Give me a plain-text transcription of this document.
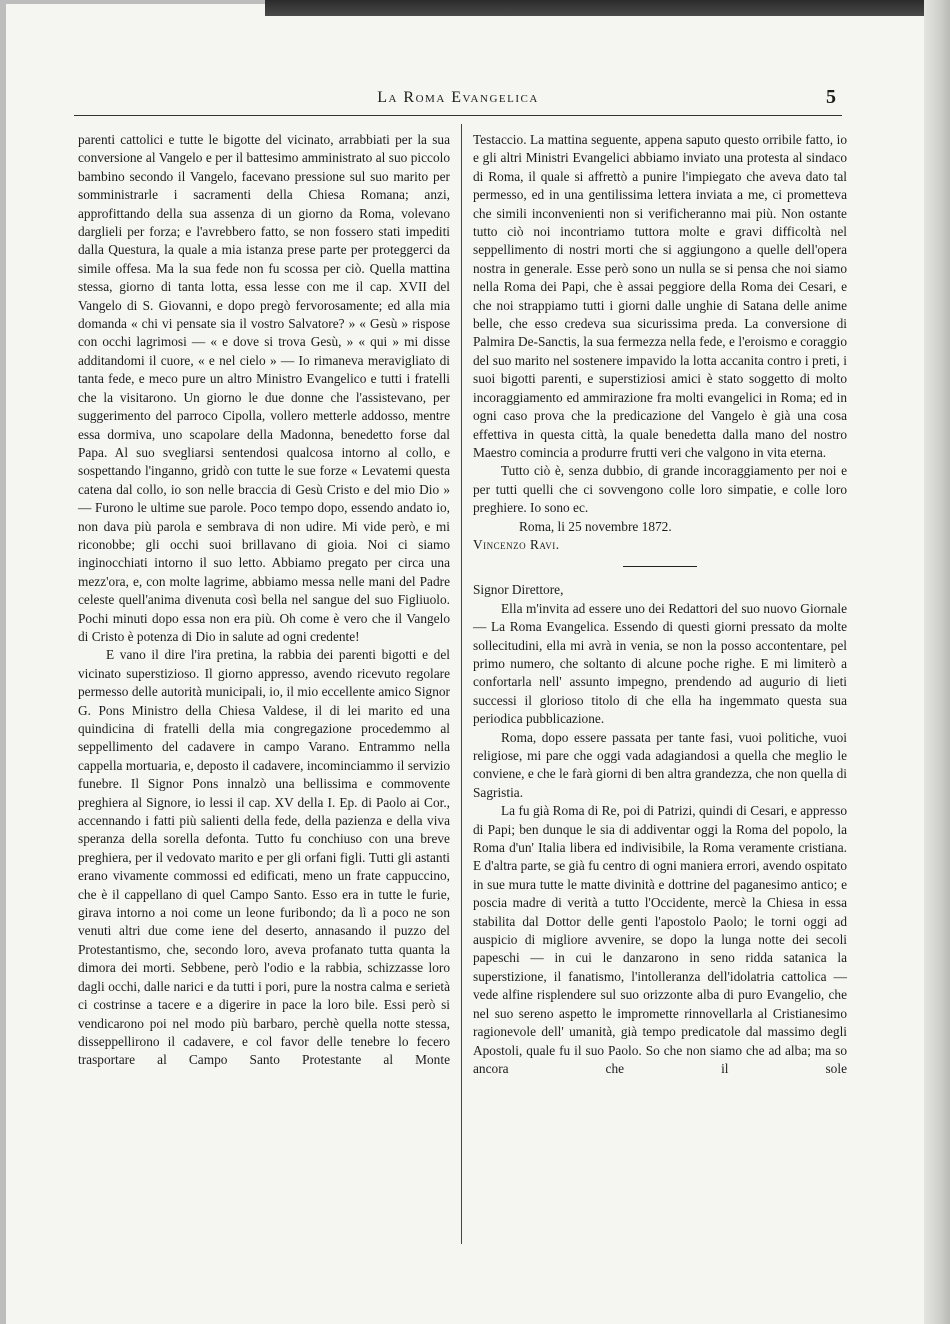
La Roma Evangelica	5

parenti cattolici e tutte le bigotte del vicinato, arrabbiati per la sua conversione al Vangelo e per il battesimo amministrato al suo piccolo bambino secondo il Vangelo, facevano pressione sul suo marito per somministrarle i sacramenti della Chiesa Romana; anzi, approfittando della sua assenza di un giorno da Roma, volevano darglieli per forza; e l'avrebbero fatto, se non fossero stati impediti dalla Questura, la quale a mia istanza prese parte per proteggerci da simile offesa. Ma la sua fede non fu scossa per ciò. Quella mattina stessa, giorno di tanta lotta, essa lesse con me il cap. XVII del Vangelo di S. Giovanni, e dopo pregò fervorosamente; ed alla mia domanda « chi vi pensate sia il vostro Salvatore? » « Gesù » rispose con occhi lagrimosi — « e dove si trova Gesù, » « qui » mi disse additandomi il cuore, « e nel cielo » — Io rimaneva meravigliato di tanta fede, e meco pure un altro Ministro Evangelico e tutti i fratelli che la visitarono. Un giorno le due donne che l'assistevano, per suggerimento del parroco Cipolla, vollero metterle addosso, mentre essa dormiva, uno scapolare della Madonna, benedetto forse dal Papa. Al suo svegliarsi sentendosi qualcosa intorno al collo, e sospettando l'inganno, gridò con tutte le sue forze « Levatemi questa catena dal collo, io son nelle braccia di Gesù Cristo e del mio Dio » — Furono le ultime sue parole. Poco tempo dopo, essendo andato io, non dava più parola e sembrava di non udire. Mi vide però, e mi riconobbe; gli occhi suoi brillavano di gioia. Noi ci siamo inginocchiati intorno il suo letto. Abbiamo pregato per circa una mezz'ora, e, con molte lagrime, abbiamo messa nelle mani del Padre celeste quell'anima divenuta così bella nel sangue del suo Figliuolo. Pochi minuti dopo essa non era più. Oh come è vero che il Vangelo di Cristo è potenza di Dio in salute ad ogni credente!

E vano il dire l'ira pretina, la rabbia dei parenti bigotti e del vicinato superstizioso. Il giorno appresso, avendo ricevuto regolare permesso delle autorità municipali, io, il mio eccellente amico Signor G. Pons Ministro della Chiesa Valdese, il di lei marito ed una quindicina di fratelli della mia congregazione procedemmo al seppellimento del cadavere in campo Varano. Entrammo nella cappella mortuaria, e, deposto il cadavere, incominciammo il servizio funebre. Il Signor Pons innalzò una bellissima e commovente preghiera al Signore, io lessi il cap. XV della I. Ep. di Paolo ai Cor., accennando i fatti più salienti della fede, della pazienza e della viva speranza della sorella defonta. Tutto fu conchiuso con una breve preghiera, per il vedovato marito e per gli orfani figli. Tutti gli astanti erano vivamente commossi ed edificati, meno un frate cappuccino, che è il cappellano di quel Campo Santo. Esso era in tutte le furie, girava intorno a noi come un leone furibondo; da lì a poco ne son venuti altri due come iene del deserto, annasando il puzzo del Protestantismo, che, secondo loro, aveva profanato tutta quanta la dimora dei morti. Sebbene, però l'odio e la rabbia, schizzasse loro dagli occhi, dalle narici e da tutti i pori, pure la nostra calma e serietà ci costrinse a tacere e a digerire in pace la loro bile. Essi però si vendicarono poi nel modo più barbaro, perchè quella notte stessa, disseppellirono il cadavere, e col favor delle tenebre lo fecero trasportare al Campo Santo Protestante al Monte

Testaccio. La mattina seguente, appena saputo questo orribile fatto, io e gli altri Ministri Evangelici abbiamo inviato una protesta al sindaco di Roma, il quale si affrettò a punire l'impiegato che aveva dato tal permesso, ed in una gentilissima lettera inviata a me, ci prometteva che simili inconvenienti non si verificheranno mai più. Non ostante tutto ciò noi incontriamo tuttora molte e gravi difficoltà nel seppellimento di nostri morti che si aggiungono a quelle dell'opera nostra in generale. Esse però sono un nulla se si pensa che noi siamo nella Roma dei Papi, che è assai peggiore della Roma dei Cesari, e che noi strappiamo tutti i giorni dalle unghie di Satana delle anime belle, che esso credeva sua sicurissima preda. La conversione di Palmira De-Sanctis, la sua fermezza nella fede, e l'eroismo e coraggio del suo marito nel sostenere impavido la lotta accanita contro i preti, i suoi bigotti parenti, e superstiziosi amici è stato soggetto di molto incoraggiamento ed ammirazione fra molti evangelici in Roma; ed in ogni caso prova che la predicazione del Vangelo è già una cosa effettiva in questa città, la quale benedetta dalla mano del nostro Maestro comincia a produrre frutti veri che valgono in vita eterna.

Tutto ciò è, senza dubbio, di grande incoraggiamento per noi e per tutti quelli che ci sovvengono colle loro simpatie, e colle loro preghiere. Io sono ec.

Roma, li 25 novembre 1872.

Vincenzo Ravi.

Signor Direttore,

Ella m'invita ad essere uno dei Redattori del suo nuovo Giornale — La Roma Evangelica. Essendo di questi giorni pressato da molte sollecitudini, ella mi avrà in venia, se non la posso accontentare, pel primo numero, che soltanto di alcune poche righe. E mi limiterò a confortarla nell' assunto impegno, prendendo ad augurio di lieti successi il glorioso titolo di che ella ha ingemmato questa sua periodica pubblicazione.

Roma, dopo essere passata per tante fasi, vuoi politiche, vuoi religiose, mi pare che oggi vada adagiandosi a quella che meglio le conviene, e che le farà giorni di ben altra grandezza, che non quella di Sagristia.

La fu già Roma di Re, poi di Patrizi, quindi di Cesari, e appresso di Papi; ben dunque le sia di addiventar oggi la Roma del popolo, la Roma d'un' Italia libera ed indivisibile, la Roma veramente cristiana. E d'altra parte, se già fu centro di ogni maniera errori, avendo ospitato in sue mura tutte le matte divinità e dottrine del paganesimo antico; e poscia madre di verità a tutto l'Occidente, mercè la Chiesa in essa stabilita dal Dottor delle genti l'apostolo Paolo; le torni oggi ad auspicio di migliore avvenire, se dopo la lunga notte dei secoli papeschi — in cui le danzarono in seno ridda satanica la superstizione, il fanatismo, l'intolleranza dell'idolatria cattolica — vede alfine risplendere sul suo orizzonte alba di puro Evangelio, che nel suo sereno aspetto le impromette rinnovellarla al Cristianesimo ragionevole dell' umanità, già tempo predicatole dal massimo degli Apostoli, quale fu il suo Paolo. So che non siamo che ad alba; ma so ancora che il sole
